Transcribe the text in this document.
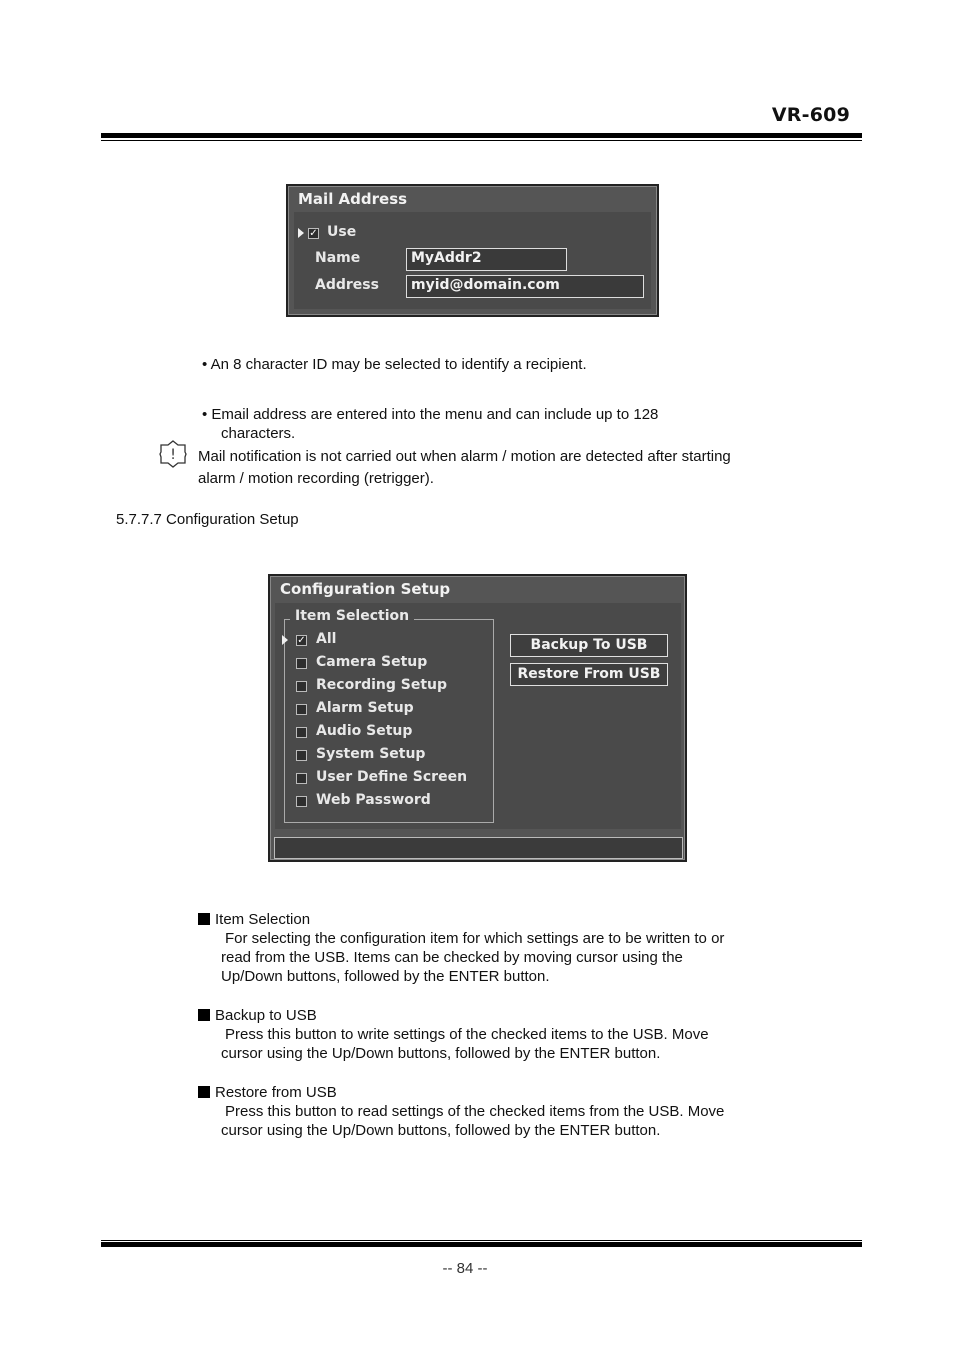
VR-609
Mail Address
✓ Use
Name	MyAddr2
Address	myid@domain.com
• An 8 character ID may be selected to identify a recipient.
• Email address are entered into the menu and can include up to 128
characters.
! Mail notification is not carried out when alarm / motion are detected after starting
alarm / motion recording (retrigger).
5.7.7.7 Configuration Setup
Configuration Setup
Item Selection
✓ All
Camera Setup
Recording Setup
Alarm Setup
Audio Setup
System Setup
User Define Screen
Web Password
Backup To USB
Restore From USB
Item Selection
For selecting the configuration item for which settings are to be written to or
read from the USB. Items can be checked by moving cursor using the
Up/Down buttons, followed by the ENTER button.
Backup to USB
Press this button to write settings of the checked items to the USB. Move
cursor using the Up/Down buttons, followed by the ENTER button.
Restore from USB
Press this button to read settings of the checked items from the USB. Move
cursor using the Up/Down buttons, followed by the ENTER button.
-- 84 --
